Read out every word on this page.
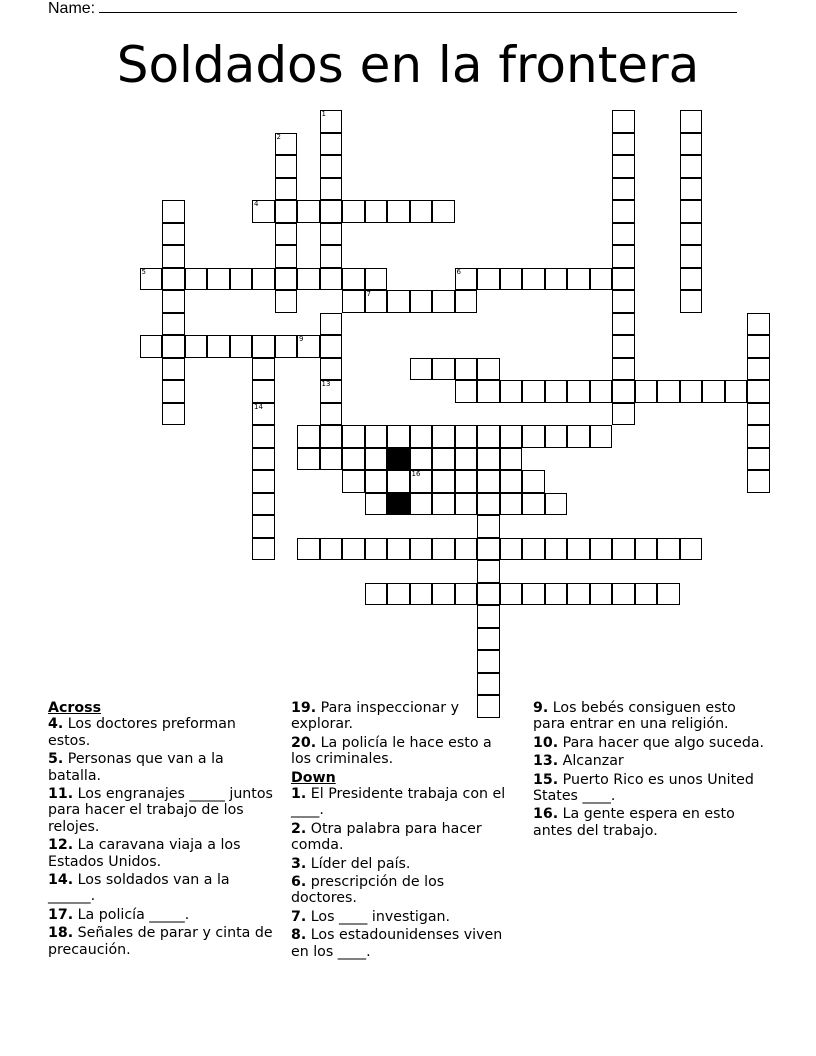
Name:
Soldados en la frontera
1
13
2
4
5
7
6
9
14
16
Across
4. Los doctores preforman estos.
5. Personas que van a la batalla.
11. Los engranajes _____ juntos para hacer el trabajo de los relojes.
12. La caravana viaja a los Estados Unidos.
14. Los soldados van a la ______.
17. La policía _____.
18. Señales de parar y cinta de precaución.
19. Para inspeccionar y explorar.
20. La policía le hace esto a los criminales.
Down
1. El Presidente trabaja con el ____.
2. Otra palabra para hacer comda.
3. Líder del país.
6. prescripción de los doctores.
7. Los ____ investigan.
8. Los estadounidenses viven en los ____.
9. Los bebés consiguen esto para entrar en una religión.
10. Para hacer que algo suceda.
13. Alcanzar
15. Puerto Rico es unos United States ____.
16. La gente espera en esto antes del trabajo.
